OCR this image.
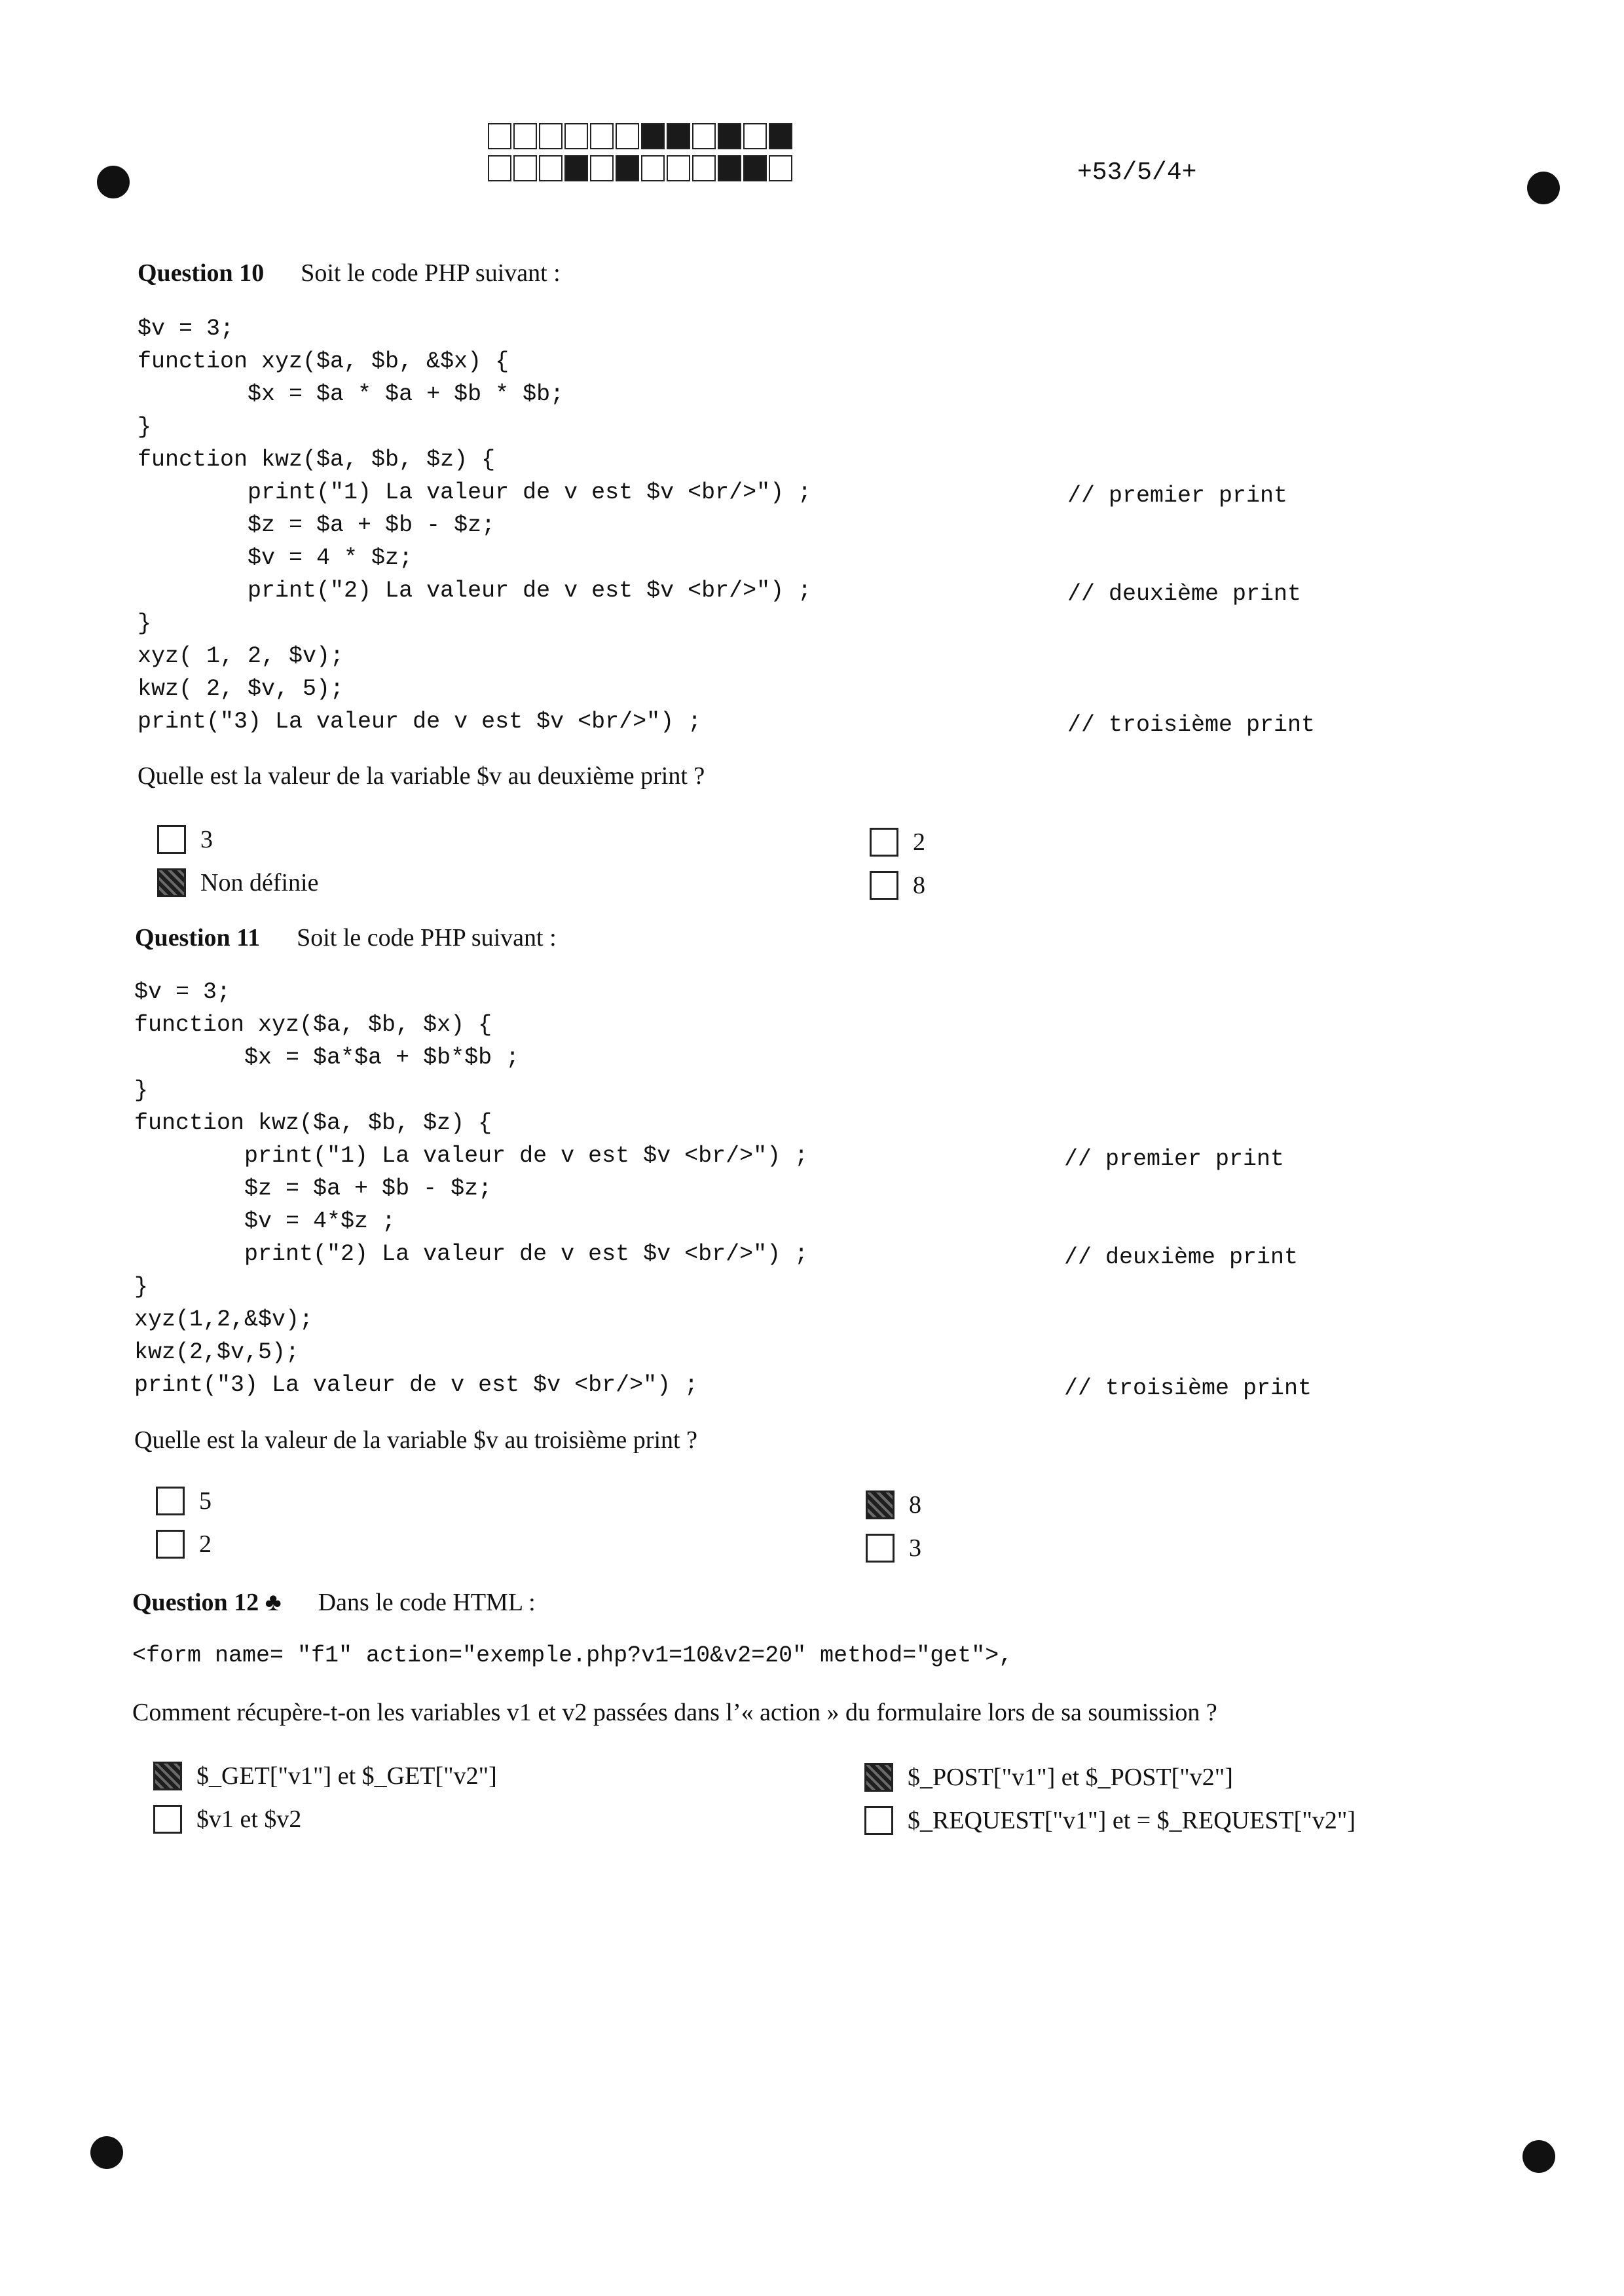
+53/5/4+
Question 10 Soit le code PHP suivant :
$v = 3;
function xyz($a, $b, &$x) {
$x = $a * $a + $b * $b;
}
function kwz($a, $b, $z) {
print("1) La valeur de v est $v <br/>") ;
$z = $a + $b - $z;
$v = 4 * $z;
print("2) La valeur de v est $v <br/>") ;
}
xyz( 1, 2, $v);
kwz( 2, $v, 5);
print("3) La valeur de v est $v <br/>") ;
// premier print
// deuxième print
// troisième print
Quelle est la valeur de la variable $v au deuxième print ?
3	2
Non définie	8
Question 11 Soit le code PHP suivant :
$v = 3;
function xyz($a, $b, $x) {
$x = $a*$a + $b*$b ;
}
function kwz($a, $b, $z) {
print("1) La valeur de v est $v <br/>") ;
$z = $a + $b - $z;
$v = 4*$z ;
print("2) La valeur de v est $v <br/>") ;
}
xyz(1,2,&$v);
kwz(2,$v,5);
print("3) La valeur de v est $v <br/>") ;
// premier print
// deuxième print
// troisième print
Quelle est la valeur de la variable $v au troisième print ?
5	8
2	3
Question 12 ♣ Dans le code HTML :
<form name= "f1" action="exemple.php?v1=10&v2=20" method="get">,
Comment récupère-t-on les variables v1 et v2 passées dans l’« action » du formulaire lors de sa soumission ?
$_GET["v1"] et $_GET["v2"]	$_POST["v1"] et $_POST["v2"]
$v1 et $v2	$_REQUEST["v1"] et = $_REQUEST["v2"]
